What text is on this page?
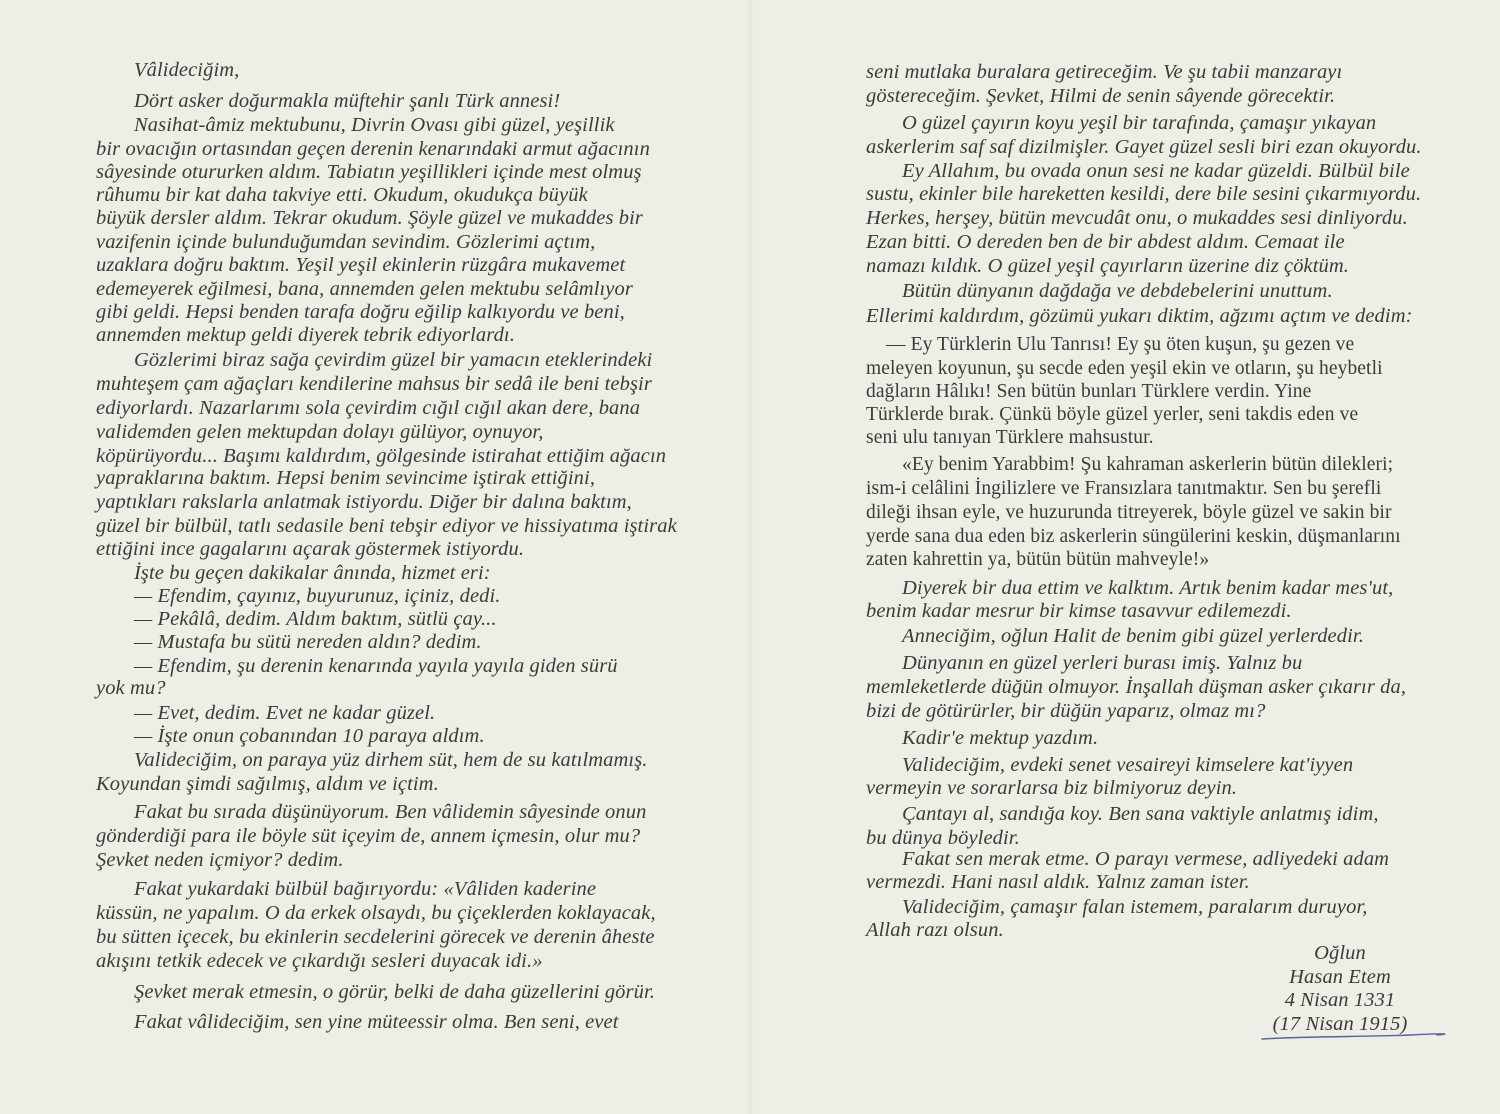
Vâlideciğim,
Dört asker doğurmakla müftehir şanlı Türk annesi!
Nasihat-âmiz mektubunu, Divrin Ovası gibi güzel, yeşillik
bir ovacığın ortasından geçen derenin kenarındaki armut ağacının
sâyesinde otururken aldım. Tabiatın yeşillikleri içinde mest olmuş
rûhumu bir kat daha takviye etti. Okudum, okudukça büyük
büyük dersler aldım. Tekrar okudum. Şöyle güzel ve mukaddes bir
vazifenin içinde bulunduğumdan sevindim. Gözlerimi açtım,
uzaklara doğru baktım. Yeşil yeşil ekinlerin rüzgâra mukavemet
edemeyerek eğilmesi, bana, annemden gelen mektubu selâmlıyor
gibi geldi. Hepsi benden tarafa doğru eğilip kalkıyordu ve beni,
annemden mektup geldi diyerek tebrik ediyorlardı.
Gözlerimi biraz sağa çevirdim güzel bir yamacın eteklerindeki
muhteşem çam ağaçları kendilerine mahsus bir sedâ ile beni tebşir
ediyorlardı. Nazarlarımı sola çevirdim cığıl cığıl akan dere, bana
validemden gelen mektupdan dolayı gülüyor, oynuyor,
köpürüyordu... Başımı kaldırdım, gölgesinde istirahat ettiğim ağacın
yapraklarına baktım. Hepsi benim sevincime iştirak ettiğini,
yaptıkları rakslarla anlatmak istiyordu. Diğer bir dalına baktım,
güzel bir bülbül, tatlı sedasile beni tebşir ediyor ve hissiyatıma iştirak
ettiğini ince gagalarını açarak göstermek istiyordu.
İşte bu geçen dakikalar ânında, hizmet eri:
— Efendim, çayınız, buyurunuz, içiniz, dedi.
— Pekâlâ, dedim. Aldım baktım, sütlü çay...
— Mustafa bu sütü nereden aldın? dedim.
— Efendim, şu derenin kenarında yayıla yayıla giden sürü
yok mu?
— Evet, dedim. Evet ne kadar güzel.
— İşte onun çobanından 10 paraya aldım.
Valideciğim, on paraya yüz dirhem süt, hem de su katılmamış.
Koyundan şimdi sağılmış, aldım ve içtim.
Fakat bu sırada düşünüyorum. Ben vâlidemin sâyesinde onun
gönderdiği para ile böyle süt içeyim de, annem içmesin, olur mu?
Şevket neden içmiyor? dedim.
Fakat yukardaki bülbül bağırıyordu: «Vâliden kaderine
küssün, ne yapalım. O da erkek olsaydı, bu çiçeklerden koklayacak,
bu sütten içecek, bu ekinlerin secdelerini görecek ve derenin âheste
akışını tetkik edecek ve çıkardığı sesleri duyacak idi.»
Şevket merak etmesin, o görür, belki de daha güzellerini görür.
Fakat vâlideciğim, sen yine müteessir olma. Ben seni, evet
seni mutlaka buralara getireceğim. Ve şu tabii manzarayı
göstereceğim. Şevket, Hilmi de senin sâyende görecektir.
O güzel çayırın koyu yeşil bir tarafında, çamaşır yıkayan
askerlerim saf saf dizilmişler. Gayet güzel sesli biri ezan okuyordu.
Ey Allahım, bu ovada onun sesi ne kadar güzeldi. Bülbül bile
sustu, ekinler bile hareketten kesildi, dere bile sesini çıkarmıyordu.
Herkes, herşey, bütün mevcudât onu, o mukaddes sesi dinliyordu.
Ezan bitti. O dereden ben de bir abdest aldım. Cemaat ile
namazı kıldık. O güzel yeşil çayırların üzerine diz çöktüm.
Bütün dünyanın dağdağa ve debdebelerini unuttum.
Ellerimi kaldırdım, gözümü yukarı diktim, ağzımı açtım ve dedim:
— Ey Türklerin Ulu Tanrısı! Ey şu öten kuşun, şu gezen ve
meleyen koyunun, şu secde eden yeşil ekin ve otların, şu heybetli
dağların Hâlıkı! Sen bütün bunları Türklere verdin. Yine
Türklerde bırak. Çünkü böyle güzel yerler, seni takdis eden ve
seni ulu tanıyan Türklere mahsustur.
«Ey benim Yarabbim! Şu kahraman askerlerin bütün dilekleri;
ism-i celâlini İngilizlere ve Fransızlara tanıtmaktır. Sen bu şerefli
dileği ihsan eyle, ve huzurunda titreyerek, böyle güzel ve sakin bir
yerde sana dua eden biz askerlerin süngülerini keskin, düşmanlarını
zaten kahrettin ya, bütün bütün mahveyle!»
Diyerek bir dua ettim ve kalktım. Artık benim kadar mes'ut,
benim kadar mesrur bir kimse tasavvur edilemezdi.
Anneciğim, oğlun Halit de benim gibi güzel yerlerdedir.
Dünyanın en güzel yerleri burası imiş. Yalnız bu
memleketlerde düğün olmuyor. İnşallah düşman asker çıkarır da,
bizi de götürürler, bir düğün yaparız, olmaz mı?
Kadir'e mektup yazdım.
Valideciğim, evdeki senet vesaireyi kimselere kat'iyyen
vermeyin ve sorarlarsa biz bilmiyoruz deyin.
Çantayı al, sandığa koy. Ben sana vaktiyle anlatmış idim,
bu dünya böyledir.
Fakat sen merak etme. O parayı vermese, adliyedeki adam
vermezdi. Hani nasıl aldık. Yalnız zaman ister.
Valideciğim, çamaşır falan istemem, paralarım duruyor,
Allah razı olsun.
Oğlun
Hasan Etem
4 Nisan 1331
(17 Nisan 1915)
